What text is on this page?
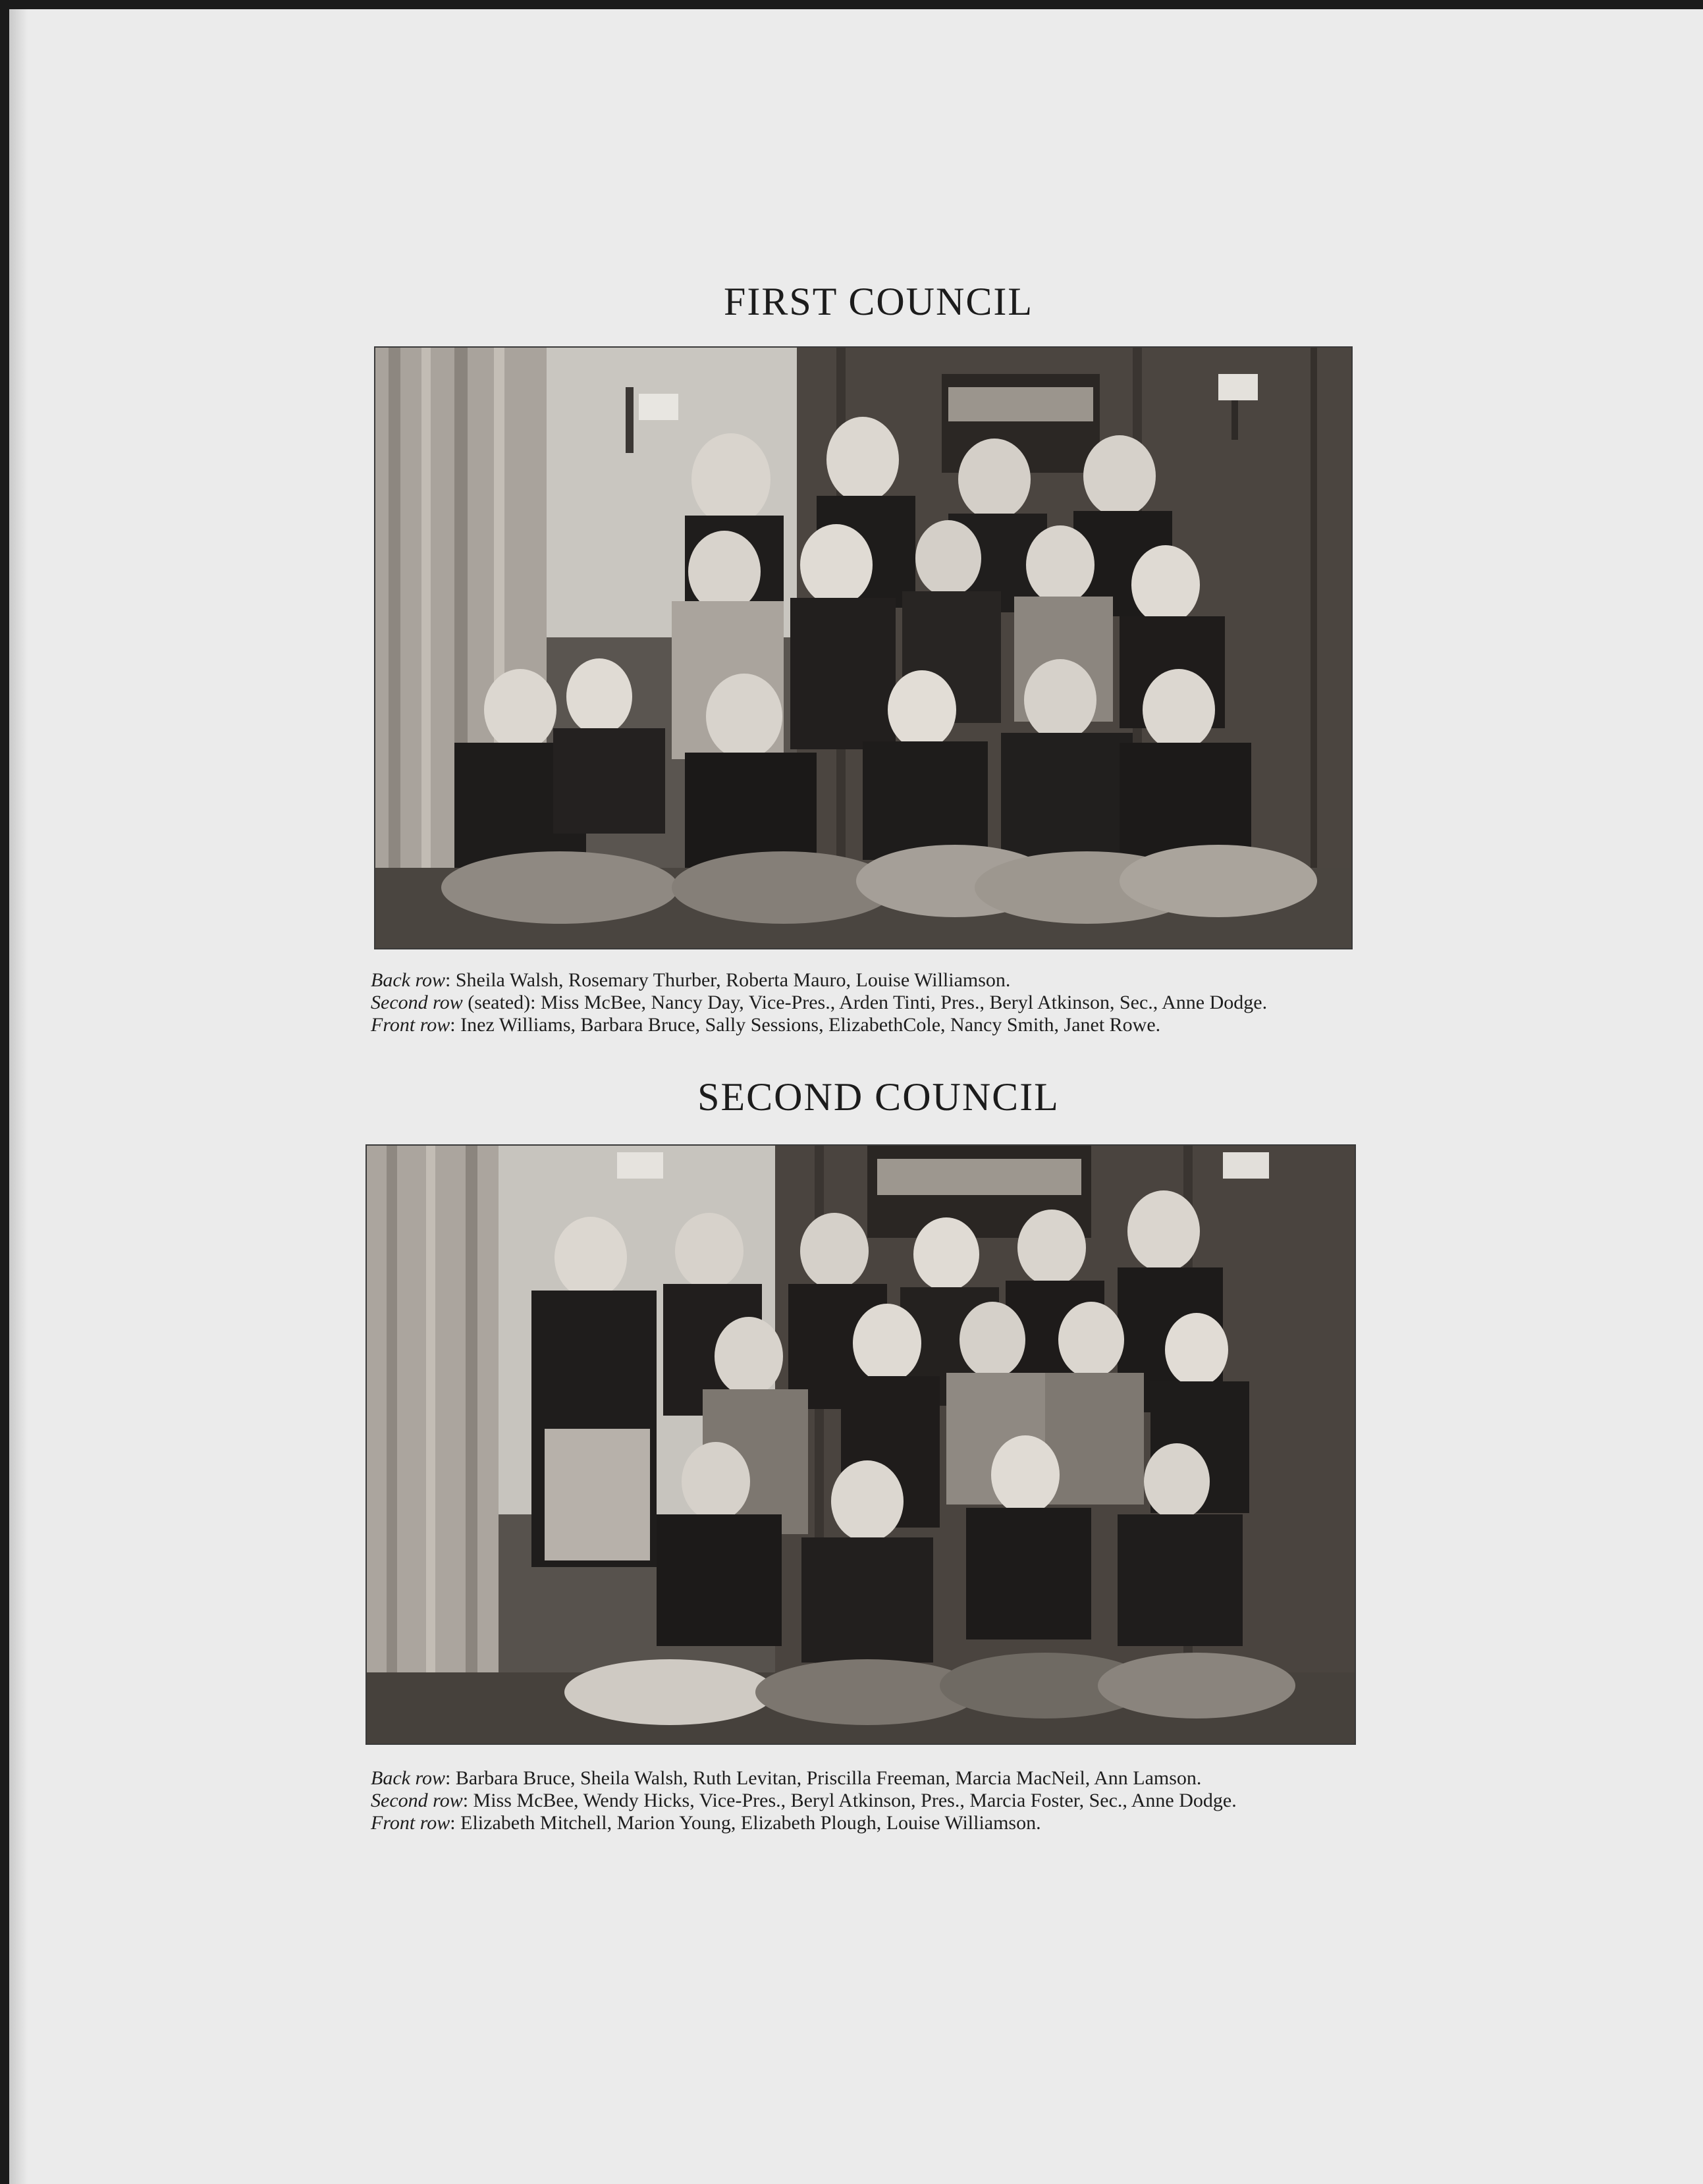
FIRST COUNCIL

Back row: Sheila Walsh, Rosemary Thurber, Roberta Mauro, Louise Williamson.

Second row (seated): Miss McBee, Nancy Day, Vice-Pres., Arden Tinti, Pres., Beryl Atkinson, Sec., Anne Dodge.

Front row: Inez Williams, Barbara Bruce, Sally Sessions, ElizabethCole, Nancy Smith, Janet Rowe.

SECOND COUNCIL

Back row: Barbara Bruce, Sheila Walsh, Ruth Levitan, Priscilla Freeman, Marcia MacNeil, Ann Lamson.

Second row: Miss McBee, Wendy Hicks, Vice-Pres., Beryl Atkinson, Pres., Marcia Foster, Sec., Anne Dodge.

Front row: Elizabeth Mitchell, Marion Young, Elizabeth Plough, Louise Williamson.
